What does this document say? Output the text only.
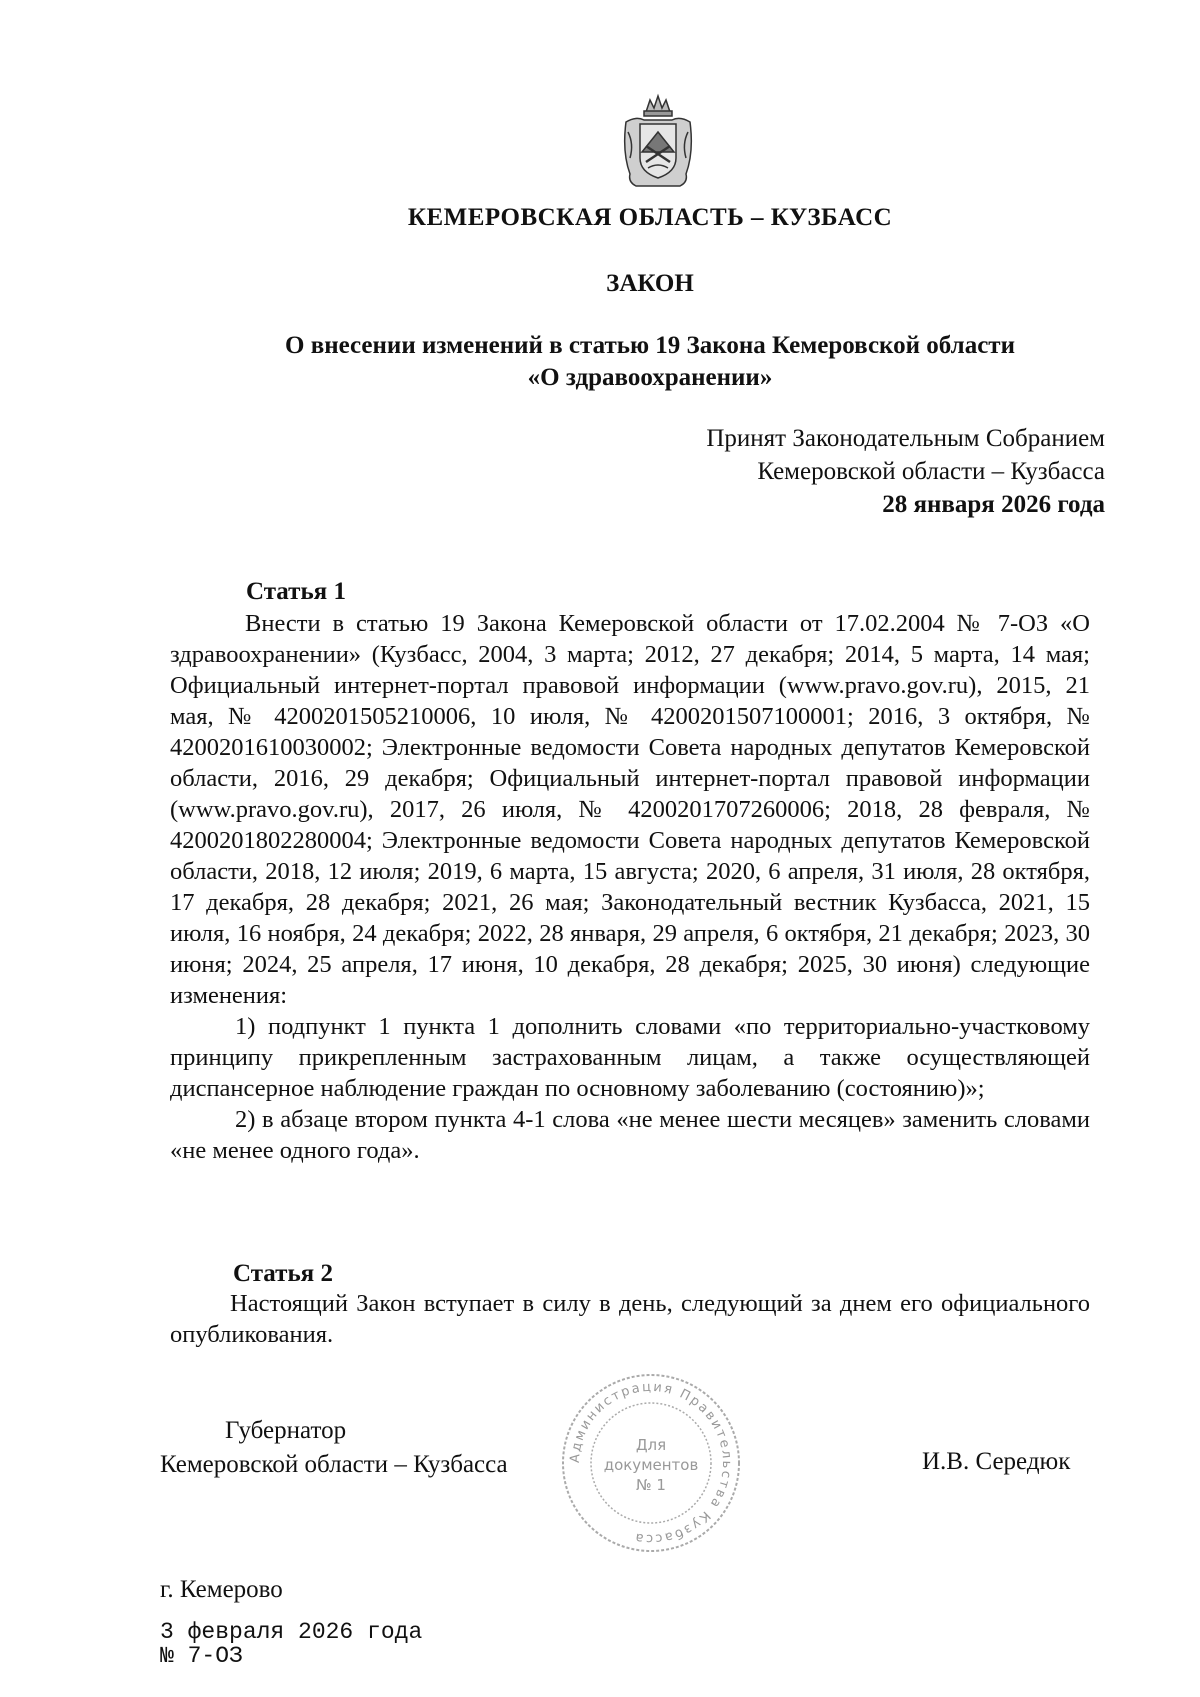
КЕМЕРОВСКАЯ ОБЛАСТЬ – КУЗБАСС
ЗАКОН
О внесении изменений в статью 19 Закона Кемеровской области
«О здравоохранении»
Принят Законодательным Собранием
Кемеровской области – Кузбасса
28 января 2026 года
Статья 1

Внести в статью 19 Закона Кемеровской области от 17.02.2004 № 7-ОЗ «О здравоохранении» (Кузбасс, 2004, 3 марта; 2012, 27 декабря; 2014, 5 марта, 14 мая; Официальный интернет-портал правовой информации (www.pravo.gov.ru), 2015, 21 мая, № 4200201505210006, 10 июля, № 4200201507100001; 2016, 3 октября, № 4200201610030002; Электронные ведомости Совета народных депутатов Кемеровской области, 2016, 29 декабря; Официальный интернет-портал правовой информации (www.pravo.gov.ru), 2017, 26 июля, № 4200201707260006; 2018, 28 февраля, № 4200201802280004; Электронные ведомости Совета народных депутатов Кемеровской области, 2018, 12 июля; 2019, 6 марта, 15 августа; 2020, 6 апреля, 31 июля, 28 октября, 17 декабря, 28 декабря; 2021, 26 мая; Законодательный вестник Кузбасса, 2021, 15 июля, 16 ноября, 24 декабря; 2022, 28 января, 29 апреля, 6 октября, 21 декабря; 2023, 30 июня; 2024, 25 апреля, 17 июня, 10 декабря, 28 декабря; 2025, 30 июня) следующие изменения:

1) подпункт 1 пункта 1 дополнить словами «по территориально-участковому принципу прикрепленным застрахованным лицам, а также осуществляющей диспансерное наблюдение граждан по основному заболеванию (состоянию)»;

2) в абзаце втором пункта 4-1 слова «не менее шести месяцев» заменить словами «не менее одного года».

Статья 2

Настоящий Закон вступает в силу в день, следующий за днем его официального опубликования.

Губернатор
Кемеровской области – Кузбасса	Администрация Правительства Кузбасса
Для
документов
№ 1
И.В. Середюк
г. Кемерово
3 февраля 2026 года
№ 7-ОЗ
